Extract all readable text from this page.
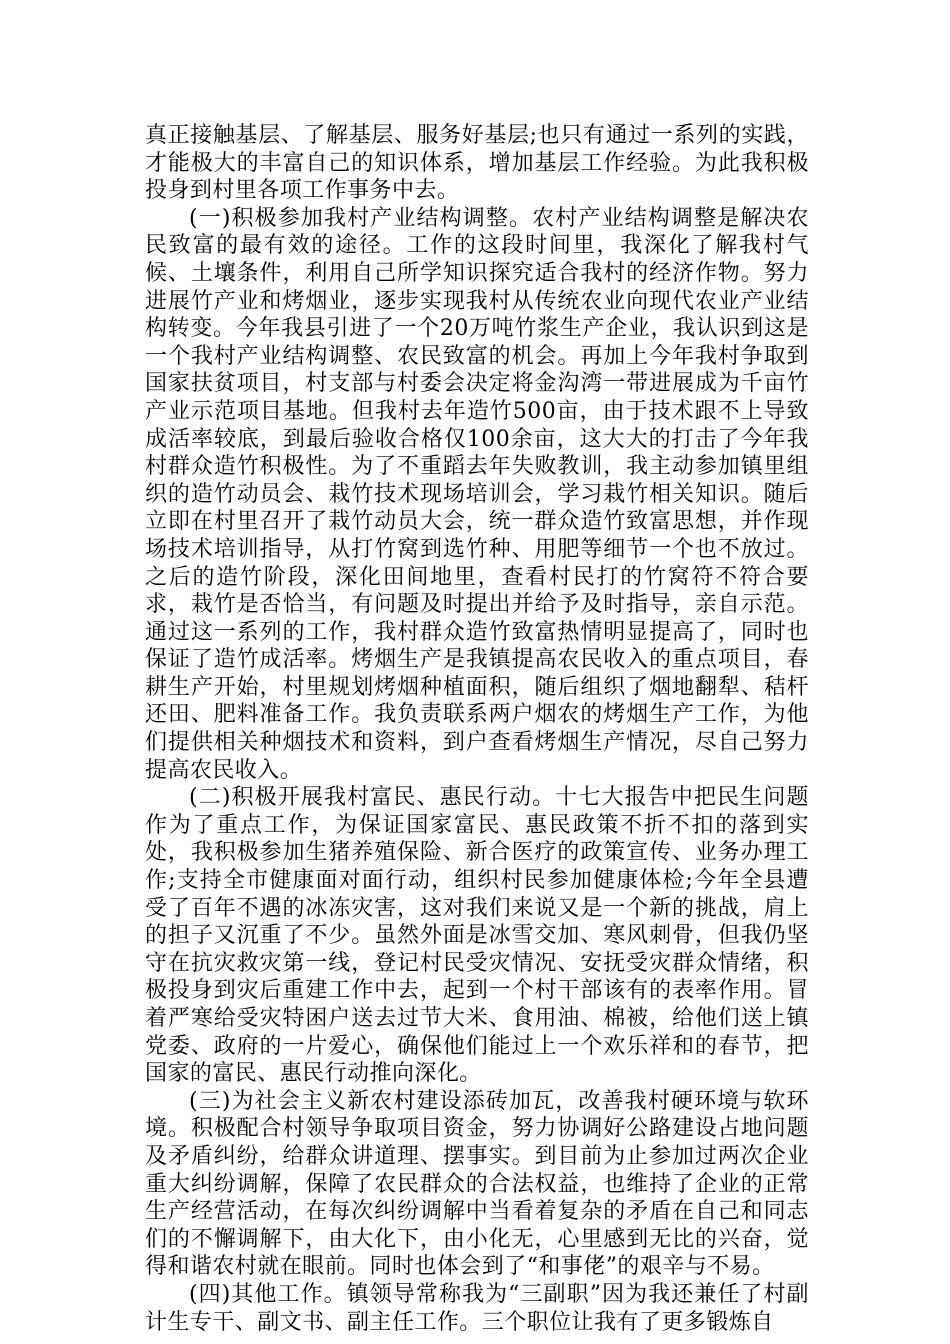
真正接触基层、了解基层、服务好基层;也只有通过一系列的实践，才能极大的丰富自己的知识体系，增加基层工作经验。为此我积极投身到村里各项工作事务中去。

(一)积极参加我村产业结构调整。农村产业结构调整是解决农民致富的最有效的途径。工作的这段时间里，我深化了解我村气候、土壤条件，利用自己所学知识探究适合我村的经济作物。努力进展竹产业和烤烟业，逐步实现我村从传统农业向现代农业产业结构转变。今年我县引进了一个20万吨竹浆生产企业，我认识到这是一个我村产业结构调整、农民致富的机会。再加上今年我村争取到国家扶贫项目，村支部与村委会决定将金沟湾一带进展成为千亩竹产业示范项目基地。但我村去年造竹500亩，由于技术跟不上导致成活率较底，到最后验收合格仅100余亩，这大大的打击了今年我村群众造竹积极性。为了不重蹈去年失败教训，我主动参加镇里组织的造竹动员会、栽竹技术现场培训会，学习栽竹相关知识。随后立即在村里召开了栽竹动员大会，统一群众造竹致富思想，并作现场技术培训指导，从打竹窝到选竹种、用肥等细节一个也不放过。之后的造竹阶段，深化田间地里，查看村民打的竹窝符不符合要求，栽竹是否恰当，有问题及时提出并给予及时指导，亲自示范。通过这一系列的工作，我村群众造竹致富热情明显提高了，同时也保证了造竹成活率。烤烟生产是我镇提高农民收入的重点项目，春耕生产开始，村里规划烤烟种植面积，随后组织了烟地翻犁、秸杆还田、肥料准备工作。我负责联系两户烟农的烤烟生产工作，为他们提供相关种烟技术和资料，到户查看烤烟生产情况，尽自己努力提高农民收入。

(二)积极开展我村富民、惠民行动。十七大报告中把民生问题作为了重点工作，为保证国家富民、惠民政策不折不扣的落到实处，我积极参加生猪养殖保险、新合医疗的政策宣传、业务办理工作;支持全市健康面对面行动，组织村民参加健康体检;今年全县遭受了百年不遇的冰冻灾害，这对我们来说又是一个新的挑战，肩上的担子又沉重了不少。虽然外面是冰雪交加、寒风刺骨，但我仍坚守在抗灾救灾第一线，登记村民受灾情况、安抚受灾群众情绪，积极投身到灾后重建工作中去，起到一个村干部该有的表率作用。冒着严寒给受灾特困户送去过节大米、食用油、棉被，给他们送上镇党委、政府的一片爱心，确保他们能过上一个欢乐祥和的春节，把国家的富民、惠民行动推向深化。

(三)为社会主义新农村建设添砖加瓦，改善我村硬环境与软环境。积极配合村领导争取项目资金，努力协调好公路建设占地问题及矛盾纠纷，给群众讲道理、摆事实。到目前为止参加过两次企业重大纠纷调解，保障了农民群众的合法权益，也维持了企业的正常生产经营活动，在每次纠纷调解中当看着复杂的矛盾在自己和同志们的不懈调解下，由大化下，由小化无，心里感到无比的兴奋，觉得和谐农村就在眼前。同时也体会到了“和事佬”的艰辛与不易。

(四)其他工作。镇领导常称我为“三副职”因为我还兼任了村副计生专干、副文书、副主任工作。三个职位让我有了更多锻炼自
